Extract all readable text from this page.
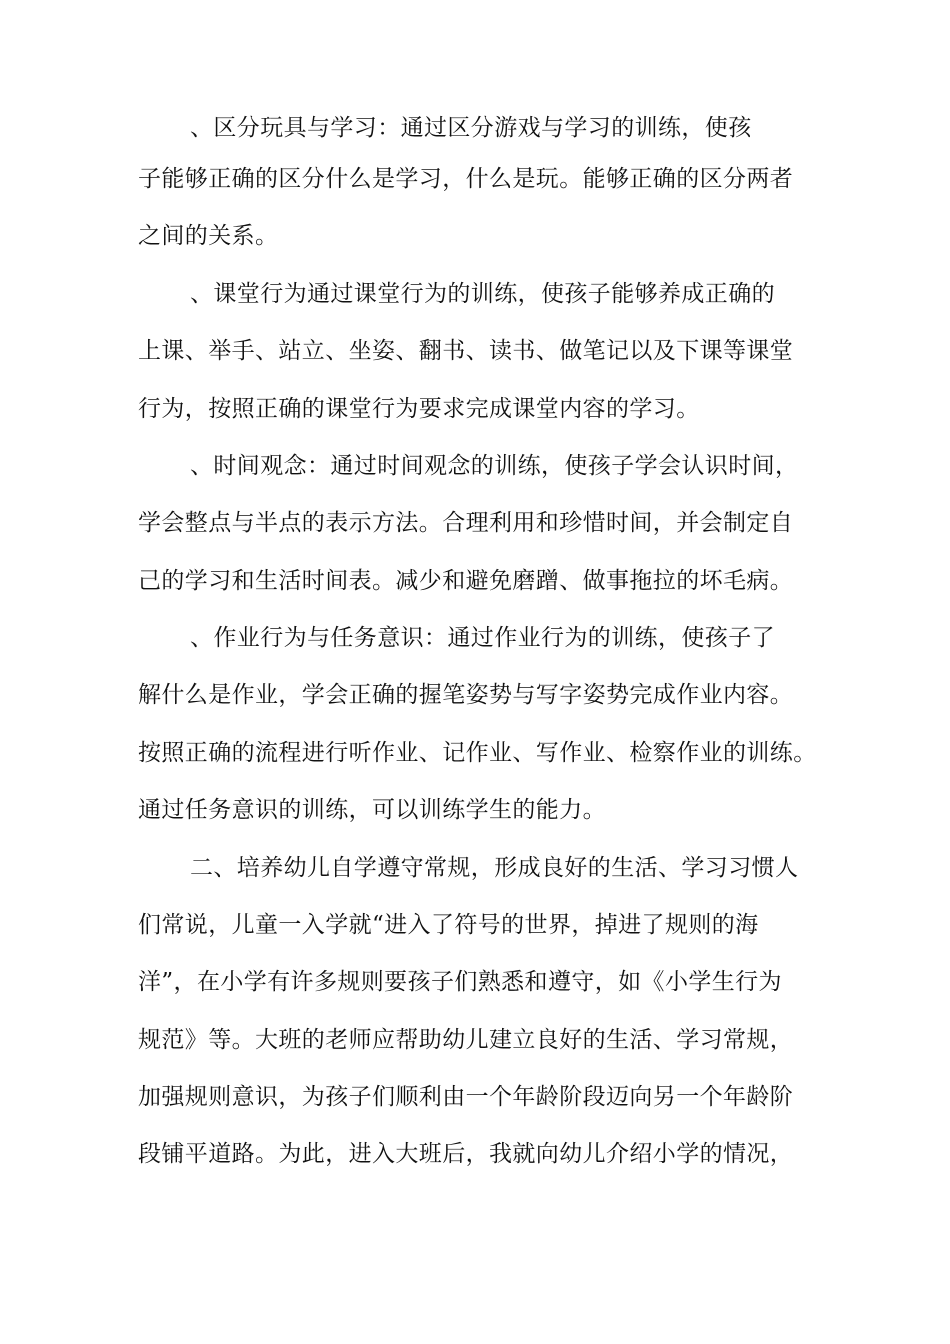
、区分玩具与学习：通过区分游戏与学习的训练，使孩
子能够正确的区分什么是学习，什么是玩。能够正确的区分两者
之间的关系。
、课堂行为通过课堂行为的训练，使孩子能够养成正确的
上课、举手、站立、坐姿、翻书、读书、做笔记以及下课等课堂
行为，按照正确的课堂行为要求完成课堂内容的学习。
、时间观念：通过时间观念的训练，使孩子学会认识时间，
学会整点与半点的表示方法。合理利用和珍惜时间，并会制定自
己的学习和生活时间表。减少和避免磨蹭、做事拖拉的坏毛病。
、作业行为与任务意识：通过作业行为的训练，使孩子了
解什么是作业，学会正确的握笔姿势与写字姿势完成作业内容。
按照正确的流程进行听作业、记作业、写作业、检察作业的训练。
通过任务意识的训练，可以训练学生的能力。
二、培养幼儿自学遵守常规，形成良好的生活、学习习惯人
们常说，儿童一入学就“进入了符号的世界，掉进了规则的海
洋”，在小学有许多规则要孩子们熟悉和遵守，如《小学生行为
规范》等。大班的老师应帮助幼儿建立良好的生活、学习常规，
加强规则意识，为孩子们顺利由一个年龄阶段迈向另一个年龄阶
段铺平道路。为此，进入大班后，我就向幼儿介绍小学的情况，
